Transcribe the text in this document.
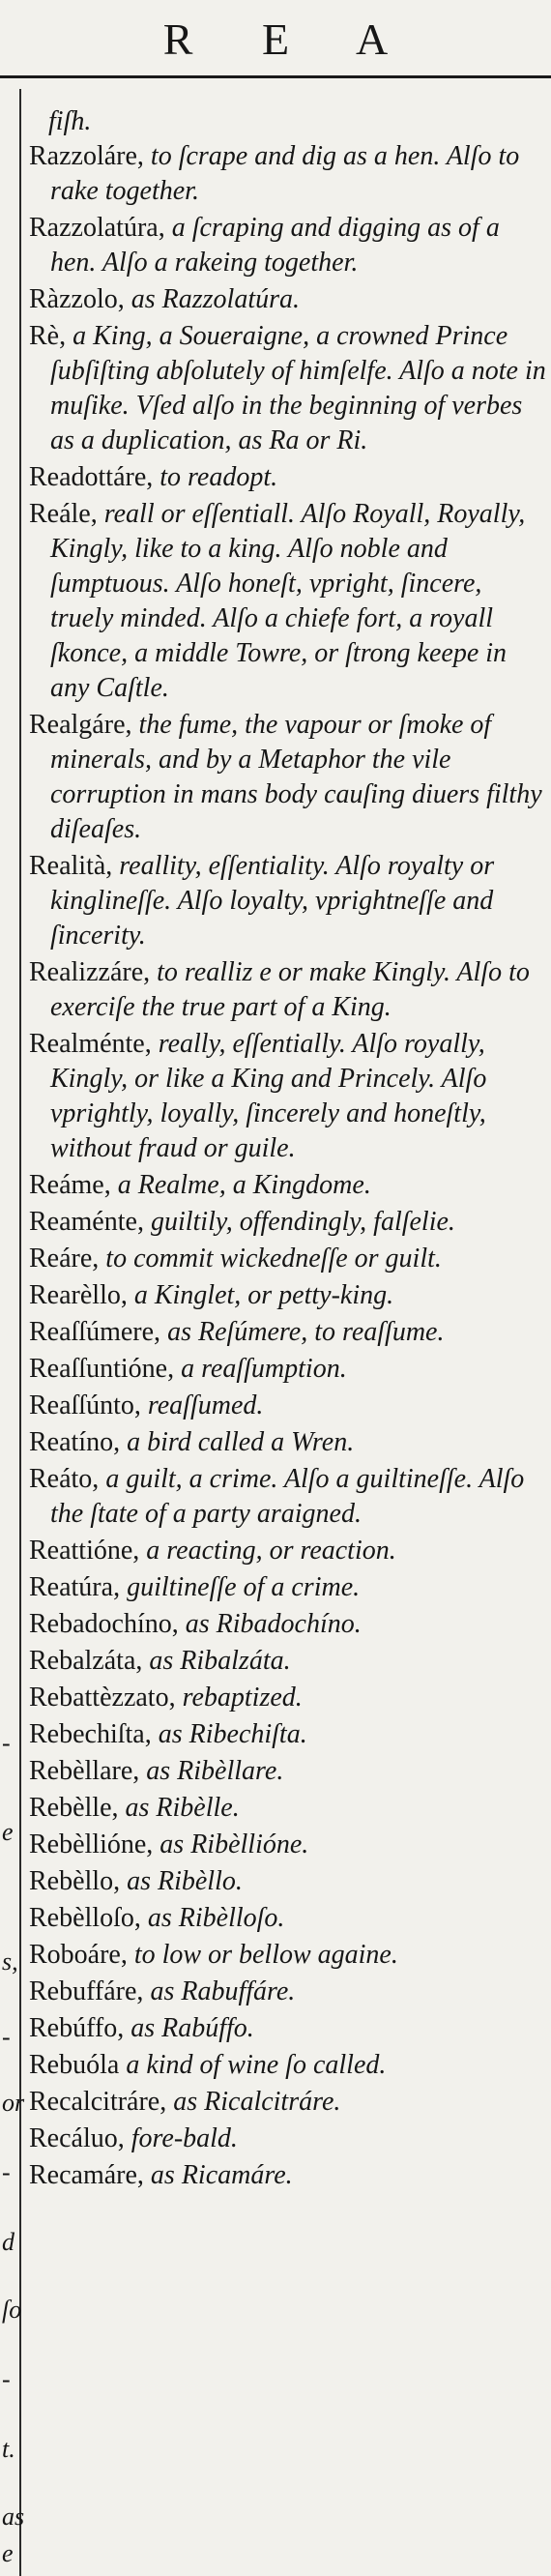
R E A
-
e
s,
-
or
-
d
ſo
-
t.
as
e
fiſh.
Razzoláre, to ſcrape and dig as a hen. Alſo to rake together.
Razzolatúra, a ſcraping and digging as of a hen. Alſo a rakeing together.
Ràzzolo, as Razzolatúra.
Rè, a King, a Soueraigne, a crowned Prince ſubſiſting abſolutely of himſelfe. Alſo a note in muſike. Vſed alſo in the beginning of verbes as a duplication, as Ra or Ri.
Readottáre, to readopt.
Reále, reall or eſſentiall. Alſo Royall, Royally, Kingly, like to a king. Alſo noble and ſumptuous. Alſo honeſt, vpright, ſincere, truely minded. Alſo a chiefe fort, a royall ſkonce, a middle Towre, or ſtrong keepe in any Caſtle.
Realgáre, the fume, the vapour or ſmoke of minerals, and by a Metaphor the vile corruption in mans body cauſing diuers filthy diſeaſes.
Realità, reallity, eſſentiality. Alſo royalty or kinglineſſe. Alſo loyalty, vprightneſſe and ſincerity.
Realizzáre, to realliz e or make Kingly. Alſo to exerciſe the true part of a King.
Realménte, really, eſſentially. Alſo royally, Kingly, or like a King and Princely. Alſo vprightly, loyally, ſincerely and honeſtly, without fraud or guile.
Reáme, a Realme, a Kingdome.
Reaménte, guiltily, offendingly, falſelie.
Reáre, to commit wickedneſſe or guilt.
Rearèllo, a Kinglet, or petty-king.
Reaſſúmere, as Reſúmere, to reaſſume.
Reaſſuntióne, a reaſſumption.
Reaſſúnto, reaſſumed.
Reatíno, a bird called a Wren.
Reáto, a guilt, a crime. Alſo a guiltineſſe. Alſo the ſtate of a party araigned.
Reattióne, a reacting, or reaction.
Reatúra, guiltineſſe of a crime.
Rebadochíno, as Ribadochíno.
Rebalzáta, as Ribalzáta.
Rebattèzzato, rebaptized.
Rebechiſta, as Ribechiſta.
Rebèllare, as Ribèllare.
Rebèlle, as Ribèlle.
Rebèllióne, as Ribèllióne.
Rebèllo, as Ribèllo.
Rebèlloſo, as Ribèlloſo.
Roboáre, to low or bellow againe.
Rebuffáre, as Rabuffáre.
Rebúffo, as Rabúffo.
Rebuóla a kind of wine ſo called.
Recalcitráre, as Ricalcitráre.
Recáluo, fore-bald.
Recamáre, as Ricamáre.
